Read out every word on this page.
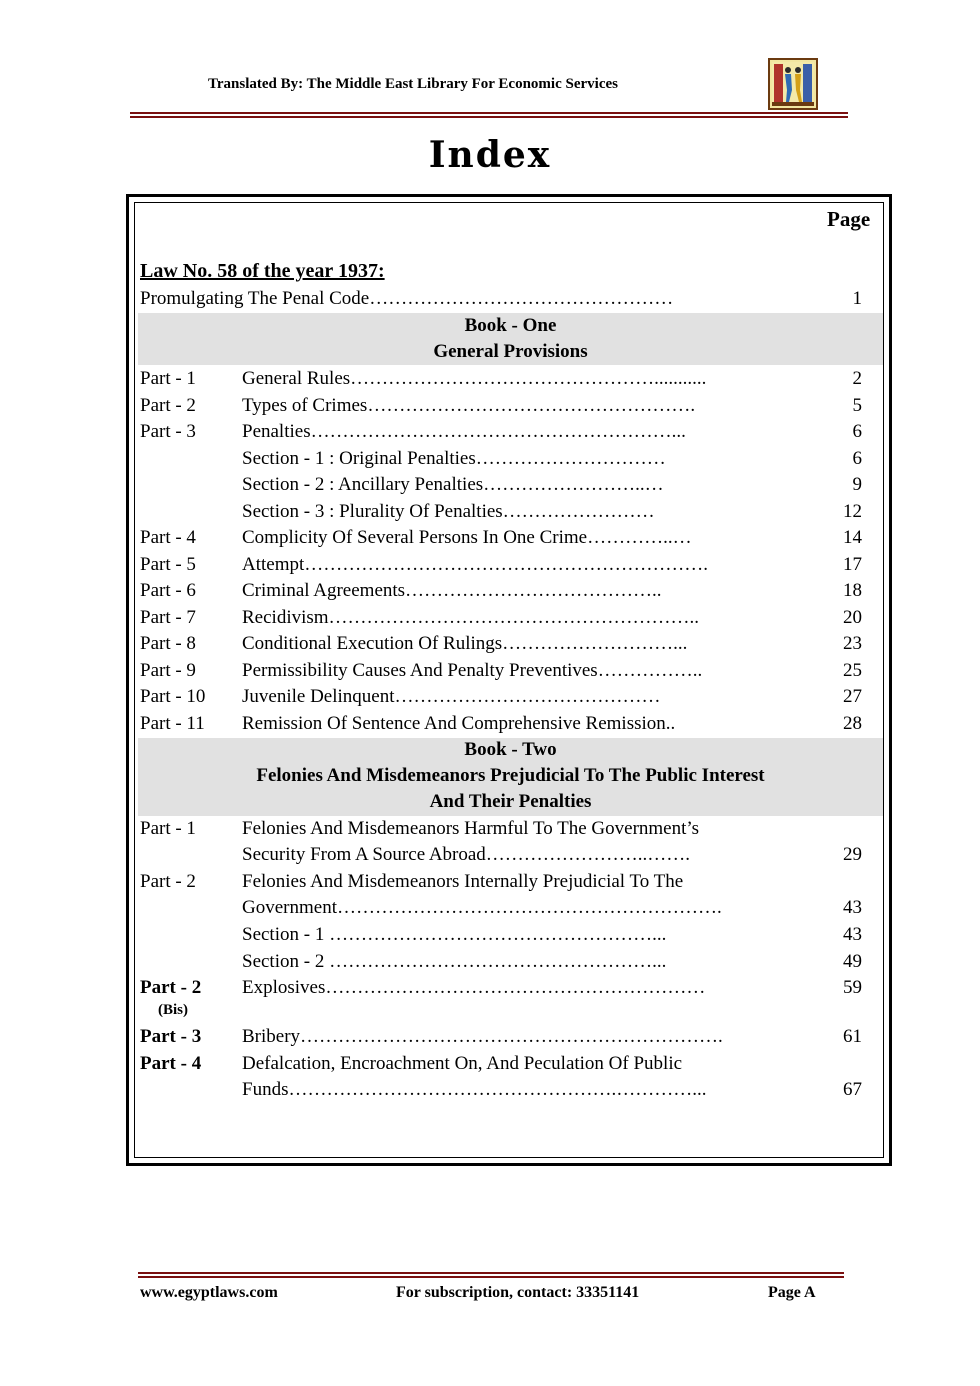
Translated By: The Middle East Library For Economic Services
Index
Page
Law No. 58 of the year 1937:
Promulgating The Penal Code…………………………………………	1
Book - One
General Provisions
Part - 1 General Rules…………………………………………...........	2
Part - 2 Types of Crimes…………………………………………….	5
Part - 3 Penalties…………………………………………………...	6
Section - 1 : Original Penalties…………………………	6
Section - 2 : Ancillary Penalties……………………..…	9
Section - 3 : Plurality Of Penalties……………………	12
Part - 4 Complicity Of Several Persons In One Crime…………..…	14
Part - 5 Attempt……………………………………………………….	17
Part - 6 Criminal Agreements…………………………………..	18
Part - 7 Recidivism…………………………………………………..	20
Part - 8 Conditional Execution Of Rulings………………………...	23
Part - 9 Permissibility Causes And Penalty Preventives……………..	25
Part - 10 Juvenile Delinquent……………………………………	27
Part - 11 Remission Of Sentence And Comprehensive Remission..	28
Book - Two
Felonies And Misdemeanors Prejudicial To The Public Interest
And Their Penalties
Part - 1 Felonies And Misdemeanors Harmful To The Government’s
Security From A Source Abroad……………………..…….	29
Part - 2 Felonies And Misdemeanors Internally Prejudicial To The
Government…………………………………………………….	43
Section - 1 ……………………………………………...	43
Section - 2 ……………………………………………...	49
Part - 2
(Bis)
Explosives……………………………………………………	59
Part - 3 Bribery………………………………………………………….	61
Part - 4 Defalcation, Encroachment On, And Peculation Of Public
Funds…………………………………………….…………...	67
www.egyptlaws.com	For subscription, contact: 33351141	Page A
